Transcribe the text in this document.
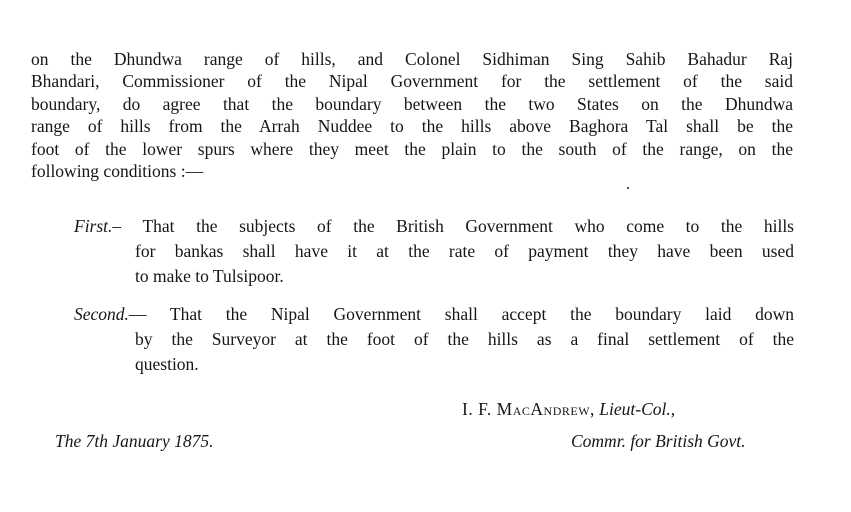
on the Dhundwa range of hills, and Colonel Sidhiman Sing Sahib Bahadur Raj
Bhandari, Commissioner of the Nipal Government for the settlement of the said
boundary, do agree that the boundary between the two States on the Dhundwa
range of hills from the Arrah Nuddee to the hills above Baghora Tal shall be the
foot of the lower spurs where they meet the plain to the south of the range, on the
following conditions :—

First.– That the subjects of the British Government who come to the hills
for bankas shall have it at the rate of payment they have been used
to make to Tulsipoor.

Second.–– That the Nipal Government shall accept the boundary laid down
by the Surveyor at the foot of the hills as a final settlement of the
question.

I. F. MacAndrew, Lieut-Col.,

The 7th January 1875.	Commr. for British Govt.
